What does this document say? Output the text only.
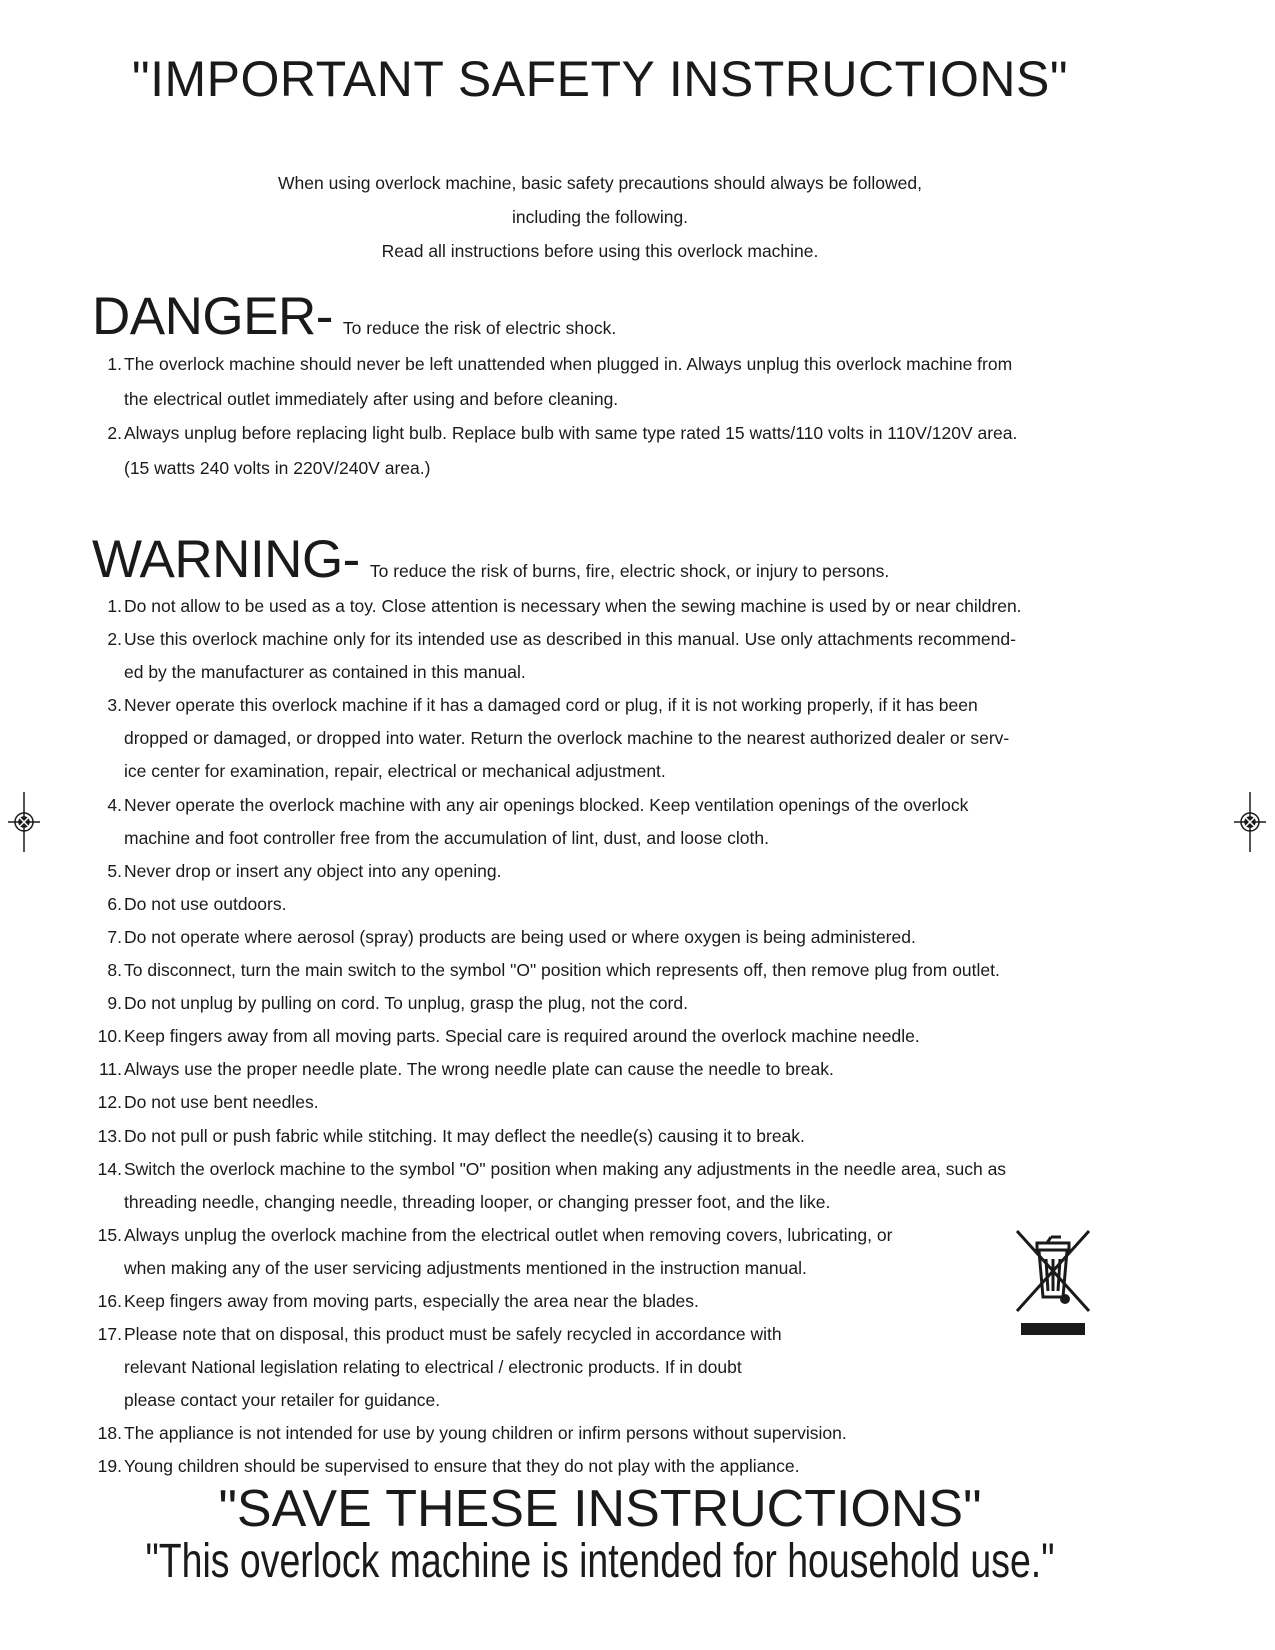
"IMPORTANT SAFETY INSTRUCTIONS"
When using overlock machine, basic safety precautions should always be followed,
including the following.
Read all instructions before using this overlock machine.
DANGER- To reduce the risk of electric shock.
1. The overlock machine should never be left unattended when plugged in. Always unplug this overlock machine from
the electrical outlet immediately after using and before cleaning.
2. Always unplug before replacing light bulb. Replace bulb with same type rated 15 watts/110 volts in 110V/120V area.
(15 watts 240 volts in 220V/240V area.)
WARNING- To reduce the risk of burns, fire, electric shock, or injury to persons.
1. Do not allow to be used as a toy. Close attention is necessary when the sewing machine is used by or near children.
2. Use this overlock machine only for its intended use as described in this manual. Use only attachments recommend-
ed by the manufacturer as contained in this manual.
3. Never operate this overlock machine if it has a damaged cord or plug, if it is not working properly, if it has been
dropped or damaged, or dropped into water. Return the overlock machine to the nearest authorized dealer or serv-
ice center for examination, repair, electrical or mechanical adjustment.
4. Never operate the overlock machine with any air openings blocked. Keep ventilation openings of the overlock
machine and foot controller free from the accumulation of lint, dust, and loose cloth.
5. Never drop or insert any object into any opening.
6. Do not use outdoors.
7. Do not operate where aerosol (spray) products are being used or where oxygen is being administered.
8. To disconnect, turn the main switch to the symbol "O" position which represents off, then remove plug from outlet.
9. Do not unplug by pulling on cord. To unplug, grasp the plug, not the cord.
10. Keep fingers away from all moving parts. Special care is required around the overlock machine needle.
11. Always use the proper needle plate. The wrong needle plate can cause the needle to break.
12. Do not use bent needles.
13. Do not pull or push fabric while stitching. It may deflect the needle(s) causing it to break.
14. Switch the overlock machine to the symbol "O" position when making any adjustments in the needle area, such as
threading needle, changing needle, threading looper, or changing presser foot, and the like.
15. Always unplug the overlock machine from the electrical outlet when removing covers, lubricating, or
when making any of the user servicing adjustments mentioned in the instruction manual.
16. Keep fingers away from moving parts, especially the area near the blades.
17. Please note that on disposal, this product must be safely recycled in accordance with
relevant National legislation relating to electrical / electronic products. If in doubt
please contact your retailer for guidance.
18. The appliance is not intended for use by young children or infirm persons without supervision.
19. Young children should be supervised to ensure that they do not play with the appliance.
"SAVE THESE INSTRUCTIONS"
"This overlock machine is intended for household use."
